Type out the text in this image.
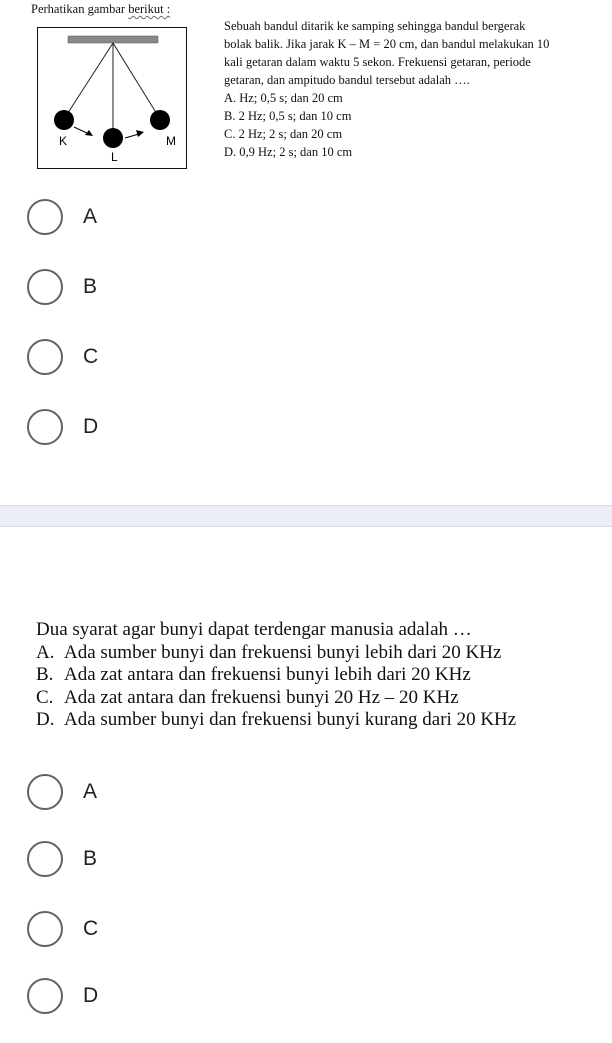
Perhatikan gambar berikut :
K
L
M

Sebuah bandul ditarik ke samping sehingga bandul bergerak

bolak balik. Jika jarak K – M = 20 cm, dan bandul melakukan 10

kali getaran dalam waktu 5 sekon. Frekuensi getaran, periode

getaran, dan ampitudo bandul tersebut adalah ….

A. Hz; 0,5 s; dan 20 cm

B. 2 Hz; 0,5 s; dan 10 cm

C. 2 Hz; 2 s; dan 20 cm

D. 0,9 Hz; 2 s; dan 10 cm

A
B
C
D

Dua syarat agar bunyi dapat terdengar manusia adalah …

A. Ada sumber bunyi dan frekuensi bunyi lebih dari 20 KHz

B. Ada zat antara dan frekuensi bunyi lebih dari 20 KHz

C. Ada zat antara dan frekuensi bunyi 20 Hz – 20 KHz

D. Ada sumber bunyi dan frekuensi bunyi kurang dari 20 KHz

A
B
C
D
